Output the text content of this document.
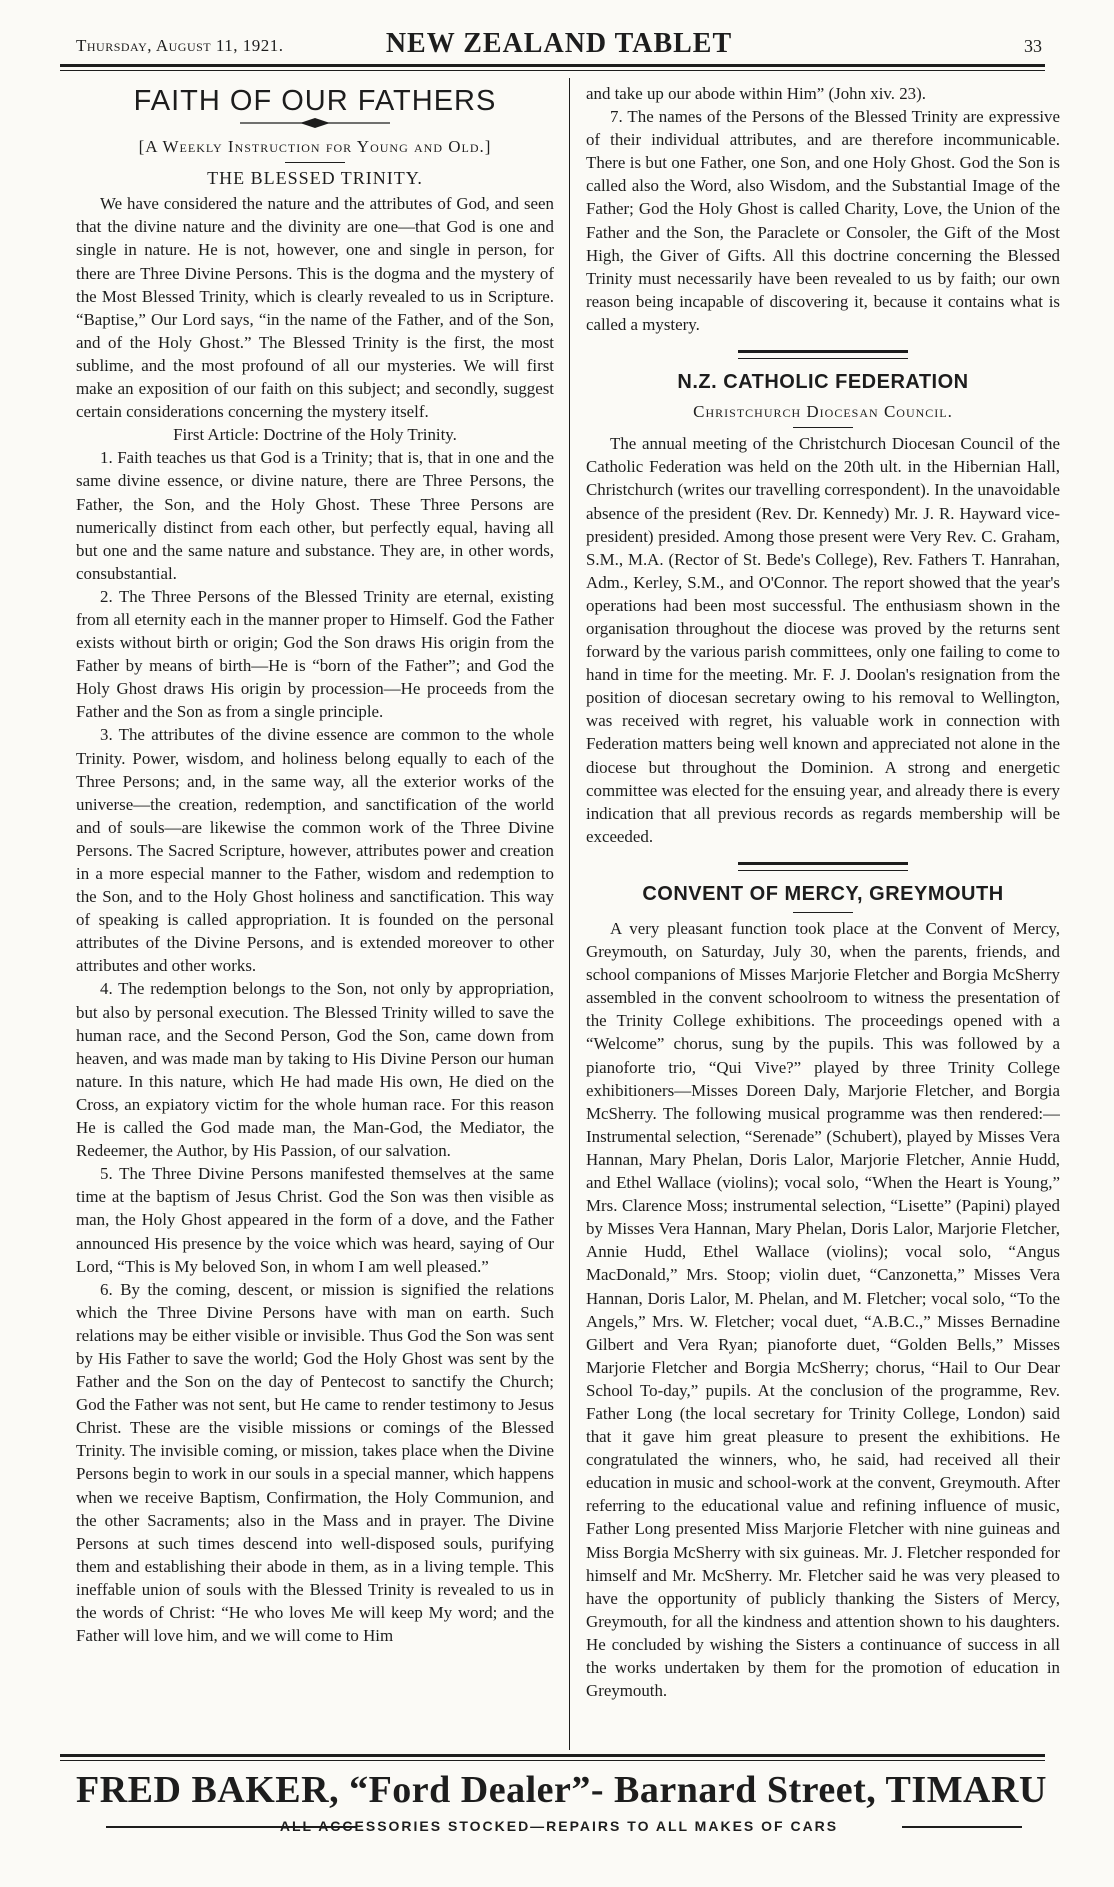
Thursday, August 11, 1921.	NEW ZEALAND TABLET	33
FAITH OF OUR FATHERS
[A Weekly Instruction for Young and Old.]
THE BLESSED TRINITY.

We have considered the nature and the attributes of God, and seen that the divine nature and the divinity are one—that God is one and single in nature. He is not, however, one and single in person, for there are Three Divine Persons. This is the dogma and the mystery of the Most Blessed Trinity, which is clearly revealed to us in Scripture. “Baptise,” Our Lord says, “in the name of the Father, and of the Son, and of the Holy Ghost.” The Blessed Trinity is the first, the most sublime, and the most profound of all our mysteries. We will first make an exposition of our faith on this subject; and secondly, suggest certain considerations concerning the mystery itself.

First Article: Doctrine of the Holy Trinity.

1. Faith teaches us that God is a Trinity; that is, that in one and the same divine essence, or divine nature, there are Three Persons, the Father, the Son, and the Holy Ghost. These Three Persons are numerically distinct from each other, but perfectly equal, having all but one and the same nature and substance. They are, in other words, consubstantial.

2. The Three Persons of the Blessed Trinity are eternal, existing from all eternity each in the manner proper to Himself. God the Father exists without birth or origin; God the Son draws His origin from the Father by means of birth—He is “born of the Father”; and God the Holy Ghost draws His origin by procession—He proceeds from the Father and the Son as from a single principle.

3. The attributes of the divine essence are common to the whole Trinity. Power, wisdom, and holiness belong equally to each of the Three Persons; and, in the same way, all the exterior works of the universe—the creation, redemption, and sanctification of the world and of souls—are likewise the common work of the Three Divine Persons. The Sacred Scripture, however, attributes power and creation in a more especial manner to the Father, wisdom and redemption to the Son, and to the Holy Ghost holiness and sanctification. This way of speaking is called appropriation. It is founded on the personal attributes of the Divine Persons, and is extended moreover to other attributes and other works.

4. The redemption belongs to the Son, not only by appropriation, but also by personal execution. The Blessed Trinity willed to save the human race, and the Second Person, God the Son, came down from heaven, and was made man by taking to His Divine Person our human nature. In this nature, which He had made His own, He died on the Cross, an expiatory victim for the whole human race. For this reason He is called the God made man, the Man-God, the Mediator, the Redeemer, the Author, by His Passion, of our salvation.

5. The Three Divine Persons manifested themselves at the same time at the baptism of Jesus Christ. God the Son was then visible as man, the Holy Ghost appeared in the form of a dove, and the Father announced His presence by the voice which was heard, saying of Our Lord, “This is My beloved Son, in whom I am well pleased.”

6. By the coming, descent, or mission is signified the relations which the Three Divine Persons have with man on earth. Such relations may be either visible or invisible. Thus God the Son was sent by His Father to save the world; God the Holy Ghost was sent by the Father and the Son on the day of Pentecost to sanctify the Church; God the Father was not sent, but He came to render testimony to Jesus Christ. These are the visible missions or comings of the Blessed Trinity. The invisible coming, or mission, takes place when the Divine Persons begin to work in our souls in a special manner, which happens when we receive Baptism, Confirmation, the Holy Communion, and the other Sacraments; also in the Mass and in prayer. The Divine Persons at such times descend into well-disposed souls, purifying them and establishing their abode in them, as in a living temple. This ineffable union of souls with the Blessed Trinity is revealed to us in the words of Christ: “He who loves Me will keep My word; and the Father will love him, and we will come to Him

and take up our abode within Him” (John xiv. 23).

7. The names of the Persons of the Blessed Trinity are expressive of their individual attributes, and are therefore incommunicable. There is but one Father, one Son, and one Holy Ghost. God the Son is called also the Word, also Wisdom, and the Substantial Image of the Father; God the Holy Ghost is called Charity, Love, the Union of the Father and the Son, the Paraclete or Consoler, the Gift of the Most High, the Giver of Gifts. All this doctrine concerning the Blessed Trinity must necessarily have been revealed to us by faith; our own reason being incapable of discovering it, because it contains what is called a mystery.

N.Z. CATHOLIC FEDERATION
Christchurch Diocesan Council.

The annual meeting of the Christchurch Diocesan Council of the Catholic Federation was held on the 20th ult. in the Hibernian Hall, Christchurch (writes our travelling correspondent). In the unavoidable absence of the president (Rev. Dr. Kennedy) Mr. J. R. Hayward vice-president) presided. Among those present were Very Rev. C. Graham, S.M., M.A. (Rector of St. Bede's College), Rev. Fathers T. Hanrahan, Adm., Kerley, S.M., and O'Connor. The report showed that the year's operations had been most successful. The enthusiasm shown in the organisation throughout the diocese was proved by the returns sent forward by the various parish committees, only one failing to come to hand in time for the meeting. Mr. F. J. Doolan's resignation from the position of diocesan secretary owing to his removal to Wellington, was received with regret, his valuable work in connection with Federation matters being well known and appreciated not alone in the diocese but throughout the Dominion. A strong and energetic committee was elected for the ensuing year, and already there is every indication that all previous records as regards membership will be exceeded.

CONVENT OF MERCY, GREYMOUTH

A very pleasant function took place at the Convent of Mercy, Greymouth, on Saturday, July 30, when the parents, friends, and school companions of Misses Marjorie Fletcher and Borgia McSherry assembled in the convent schoolroom to witness the presentation of the Trinity College exhibitions. The proceedings opened with a “Welcome” chorus, sung by the pupils. This was followed by a pianoforte trio, “Qui Vive?” played by three Trinity College exhibitioners—Misses Doreen Daly, Marjorie Fletcher, and Borgia McSherry. The following musical programme was then rendered:—Instrumental selection, “Serenade” (Schubert), played by Misses Vera Hannan, Mary Phelan, Doris Lalor, Marjorie Fletcher, Annie Hudd, and Ethel Wallace (violins); vocal solo, “When the Heart is Young,” Mrs. Clarence Moss; instrumental selection, “Lisette” (Papini) played by Misses Vera Hannan, Mary Phelan, Doris Lalor, Marjorie Fletcher, Annie Hudd, Ethel Wallace (violins); vocal solo, “Angus MacDonald,” Mrs. Stoop; violin duet, “Canzonetta,” Misses Vera Hannan, Doris Lalor, M. Phelan, and M. Fletcher; vocal solo, “To the Angels,” Mrs. W. Fletcher; vocal duet, “A.B.C.,” Misses Bernadine Gilbert and Vera Ryan; pianoforte duet, “Golden Bells,” Misses Marjorie Fletcher and Borgia McSherry; chorus, “Hail to Our Dear School To-day,” pupils. At the conclusion of the programme, Rev. Father Long (the local secretary for Trinity College, London) said that it gave him great pleasure to present the exhibitions. He congratulated the winners, who, he said, had received all their education in music and school-work at the convent, Greymouth. After referring to the educational value and refining influence of music, Father Long presented Miss Marjorie Fletcher with nine guineas and Miss Borgia McSherry with six guineas. Mr. J. Fletcher responded for himself and Mr. McSherry. Mr. Fletcher said he was very pleased to have the opportunity of publicly thanking the Sisters of Mercy, Greymouth, for all the kindness and attention shown to his daughters. He concluded by wishing the Sisters a continuance of success in all the works undertaken by them for the promotion of education in Greymouth.

FRED BAKER, “Ford Dealer”- Barnard Street, TIMARU
ALL ACCESSORIES STOCKED—REPAIRS TO ALL MAKES OF CARS
